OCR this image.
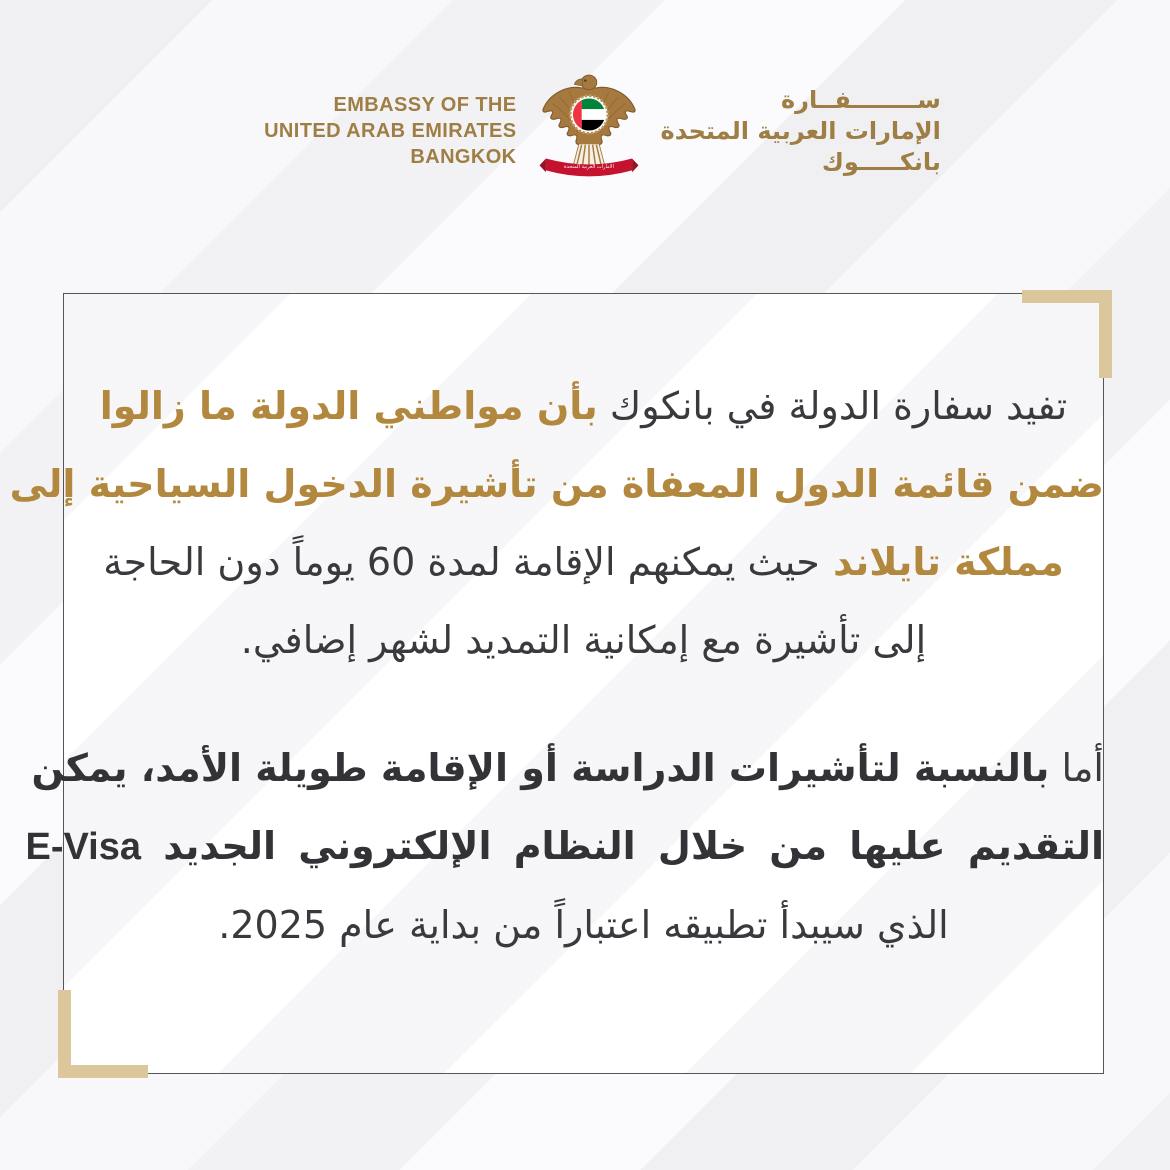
EMBASSY OF THE
UNITED ARAB EMIRATES
BANGKOK	الامارات العربية المتحدة
ســــــــفــارة
الإمارات العربية المتحدة
بانكـــــوك
تفيد سفارة الدولة في بانكوك بأن مواطني الدولة ما زالوا
ضمن قائمة الدول المعفاة من تأشيرة الدخول السياحية إلى
مملكة تايلاند حيث يمكنهم الإقامة لمدة 60 يوماً دون الحاجة
إلى تأشيرة مع إمكانية التمديد لشهر إضافي.
أما بالنسبة لتأشيرات الدراسة أو الإقامة طويلة الأمد، يمكن
التقديم عليها من خلال النظام الإلكتروني الجديد E-Visa
الذي سيبدأ تطبيقه اعتباراً من بداية عام 2025.
